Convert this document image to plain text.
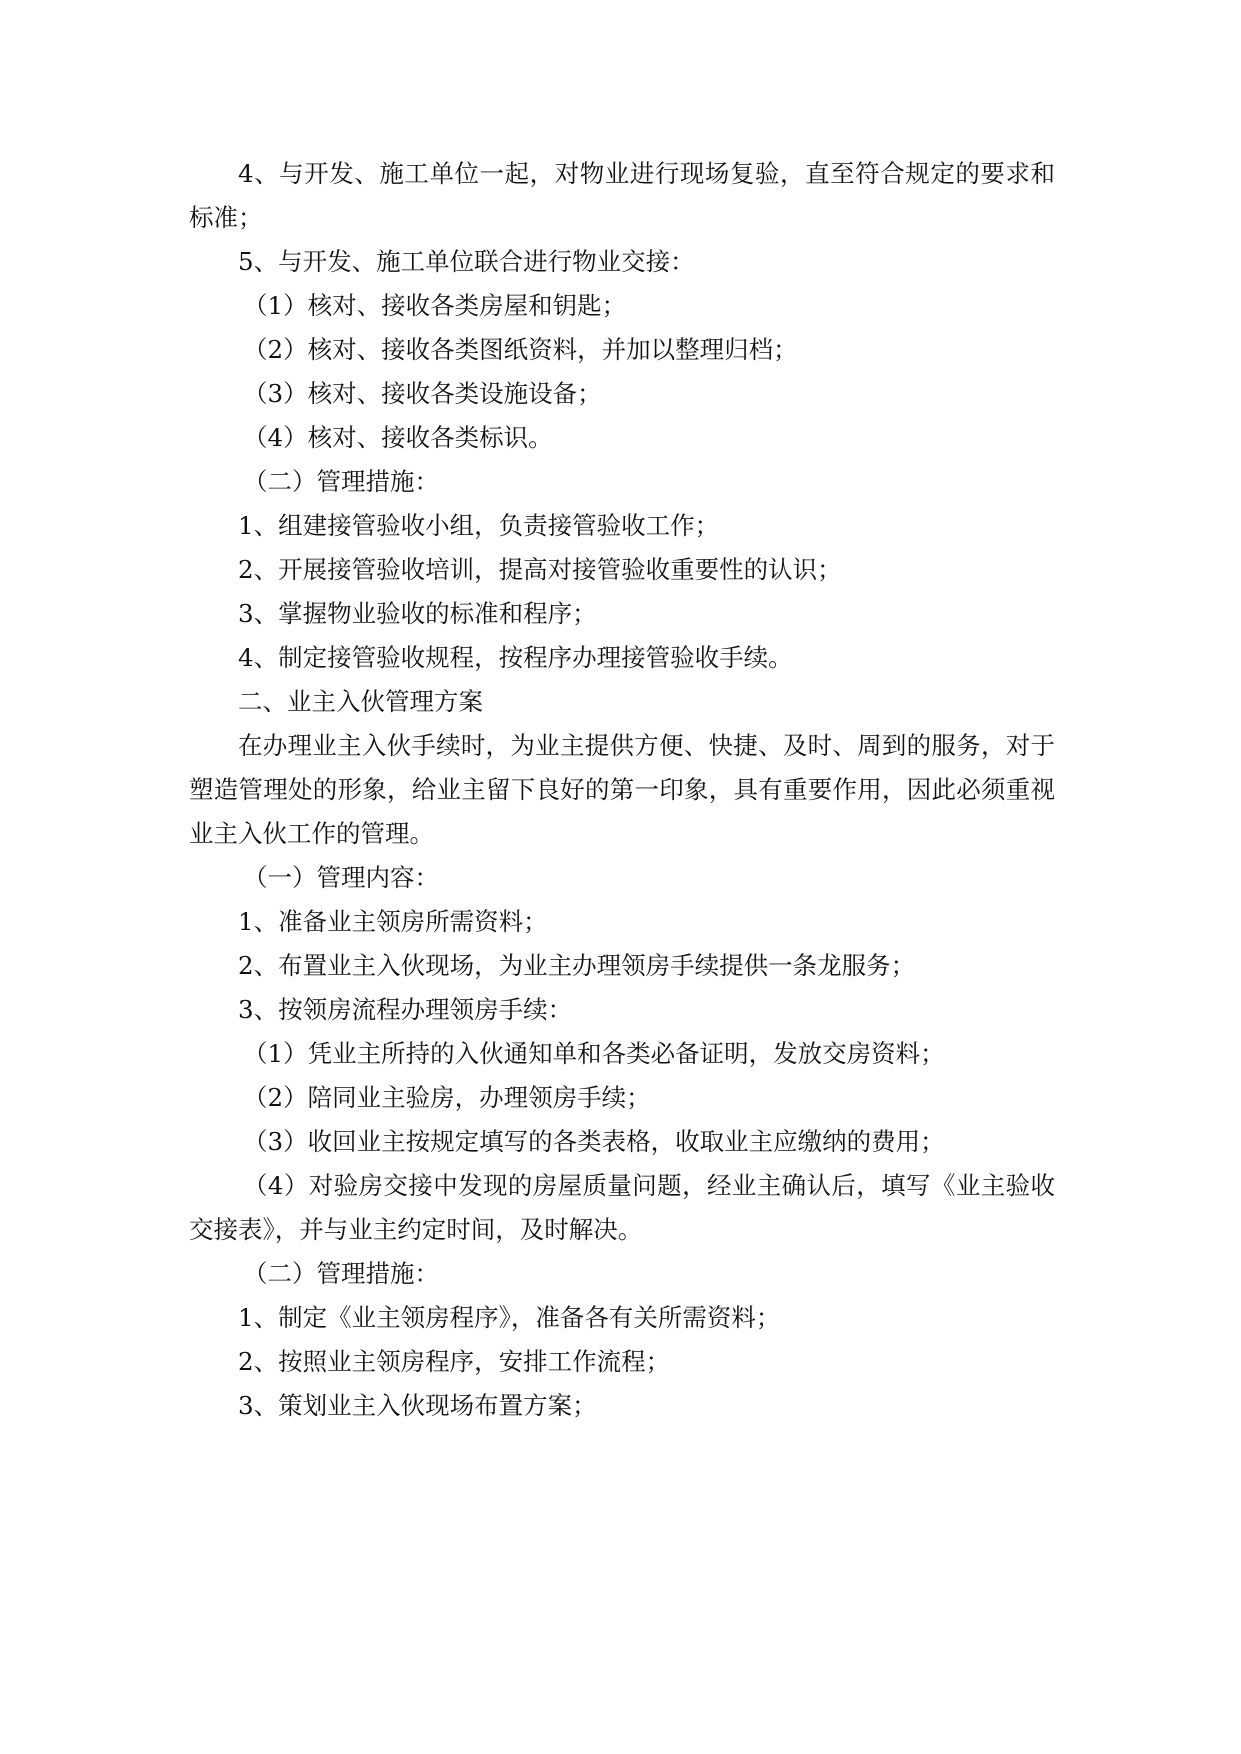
4、与开发、施工单位一起，对物业进行现场复验，直至符合规定的要求和
标准；
5、与开发、施工单位联合进行物业交接：
（1）核对、接收各类房屋和钥匙；
（2）核对、接收各类图纸资料，并加以整理归档；
（3）核对、接收各类设施设备；
（4）核对、接收各类标识。
（二）管理措施：
1、组建接管验收小组，负责接管验收工作；
2、开展接管验收培训，提高对接管验收重要性的认识；
3、掌握物业验收的标准和程序；
4、制定接管验收规程，按程序办理接管验收手续。
二、业主入伙管理方案
在办理业主入伙手续时，为业主提供方便、快捷、及时、周到的服务，对于
塑造管理处的形象，给业主留下良好的第一印象，具有重要作用，因此必须重视
业主入伙工作的管理。
（一）管理内容：
1、准备业主领房所需资料；
2、布置业主入伙现场，为业主办理领房手续提供一条龙服务；
3、按领房流程办理领房手续：
（1）凭业主所持的入伙通知单和各类必备证明，发放交房资料；
（2）陪同业主验房，办理领房手续；
（3）收回业主按规定填写的各类表格，收取业主应缴纳的费用；
（4）对验房交接中发现的房屋质量问题，经业主确认后，填写《业主验收
交接表》，并与业主约定时间，及时解决。
（二）管理措施：
1、制定《业主领房程序》，准备各有关所需资料；
2、按照业主领房程序，安排工作流程；
3、策划业主入伙现场布置方案；
